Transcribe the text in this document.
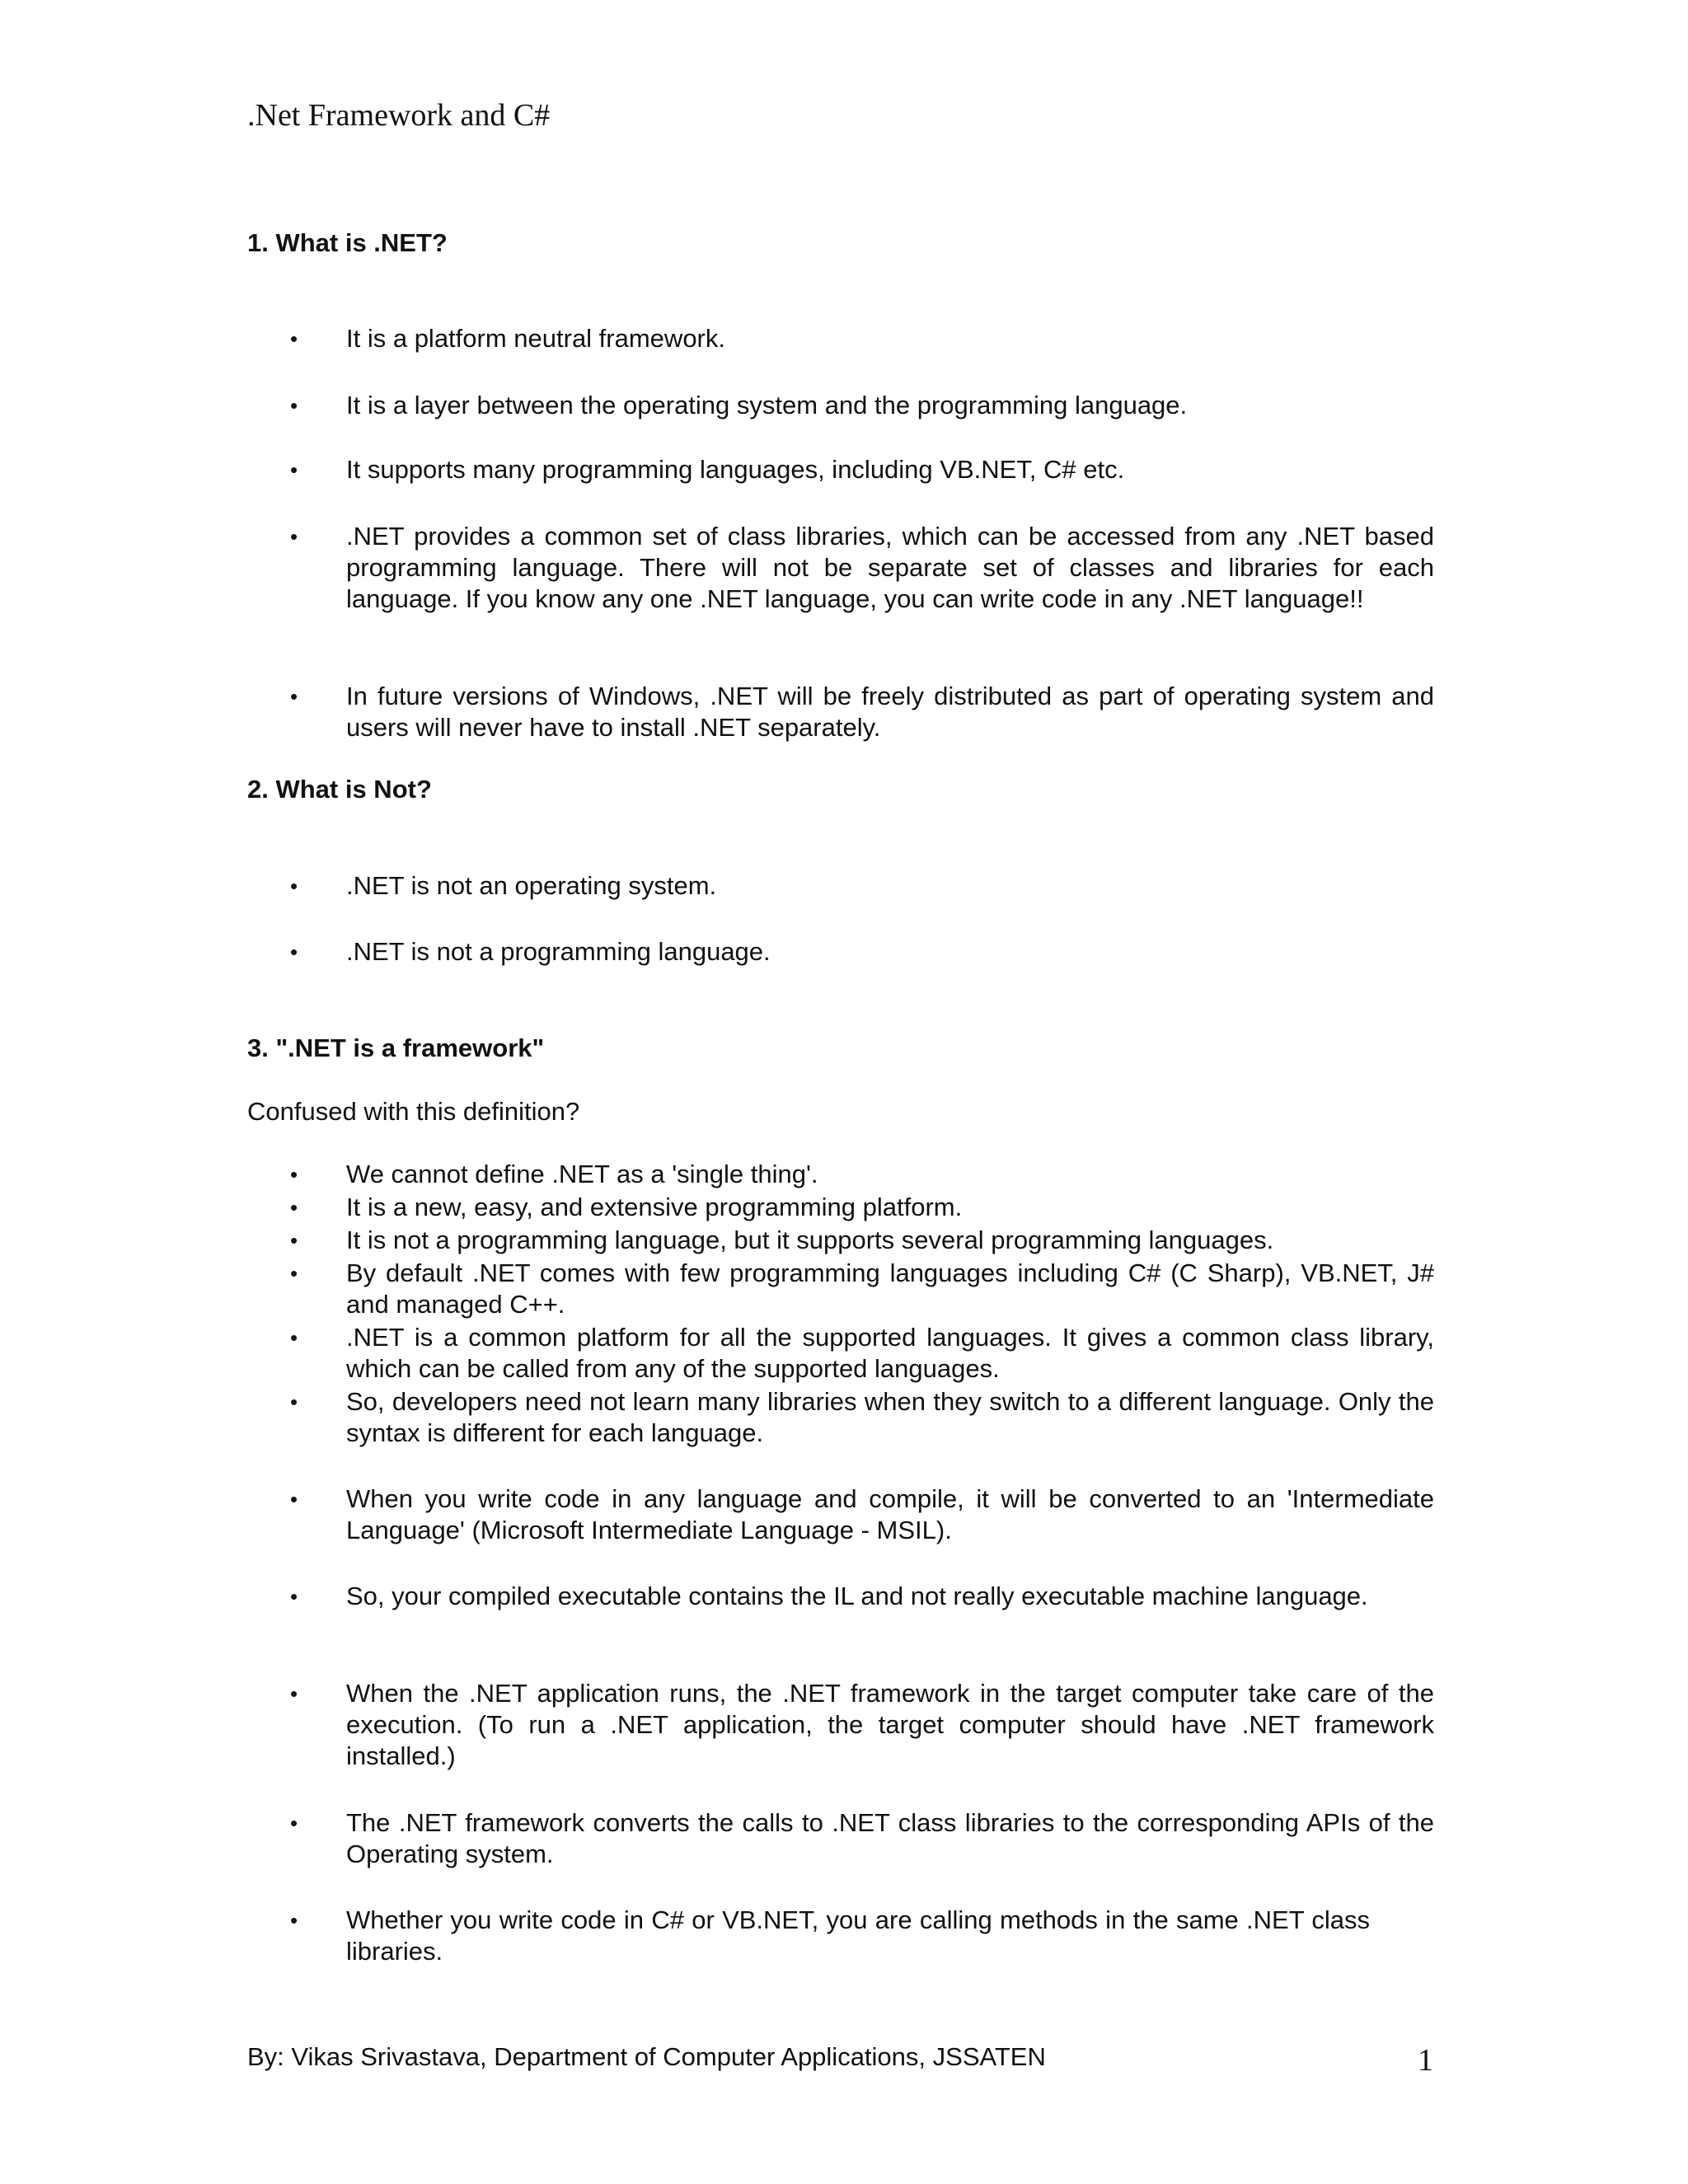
.Net Framework and C#
1. What is .NET?
• It is a platform neutral framework.
• It is a layer between the operating system and the programming language.
• It supports many programming languages, including VB.NET, C# etc.
• .NET provides a common set of class libraries, which can be accessed from any .NET based programming language. There will not be separate set of classes and libraries for each language. If you know any one .NET language, you can write code in any .NET language!!
• In future versions of Windows, .NET will be freely distributed as part of operating system and users will never have to install .NET separately.
2. What is Not?
• .NET is not an operating system.
• .NET is not a programming language.
3. ".NET is a framework"
Confused with this definition?
• We cannot define .NET as a 'single thing'.
• It is a new, easy, and extensive programming platform.
• It is not a programming language, but it supports several programming languages.
• By default .NET comes with few programming languages including C# (C Sharp), VB.NET, J# and managed C++.
• .NET is a common platform for all the supported languages. It gives a common class library, which can be called from any of the supported languages.
• So, developers need not learn many libraries when they switch to a different language. Only the syntax is different for each language.
• When you write code in any language and compile, it will be converted to an 'Intermediate Language' (Microsoft Intermediate Language - MSIL).
• So, your compiled executable contains the IL and not really executable machine language.
• When the .NET application runs, the .NET framework in the target computer take care of the execution. (To run a .NET application, the target computer should have .NET framework installed.)
• The .NET framework converts the calls to .NET class libraries to the corresponding APIs of the Operating system.
• Whether you write code in C# or VB.NET, you are calling methods in the same .NET class libraries.
By: Vikas Srivastava, Department of Computer Applications, JSSATEN	1
